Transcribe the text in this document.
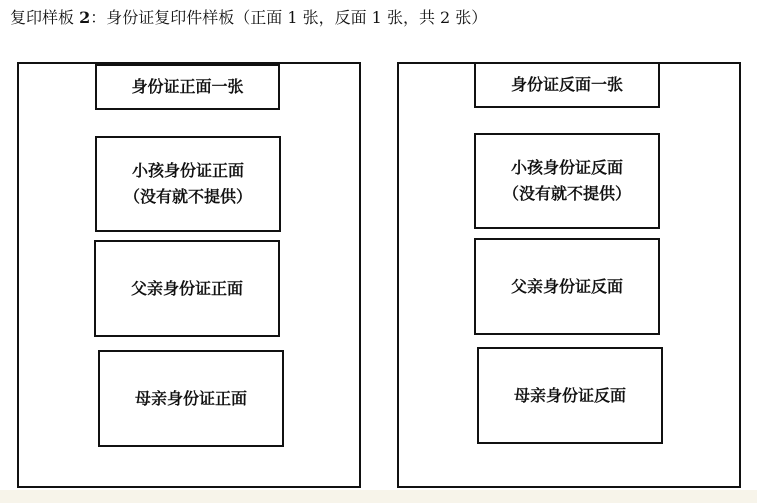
复印样板 2：身份证复印件样板（正面 1 张，反面 1 张，共 2 张）
身份证正面一张
小孩身份证正面
（没有就不提供）
父亲身份证正面
母亲身份证正面
身份证反面一张
小孩身份证反面
（没有就不提供）
父亲身份证反面
母亲身份证反面
